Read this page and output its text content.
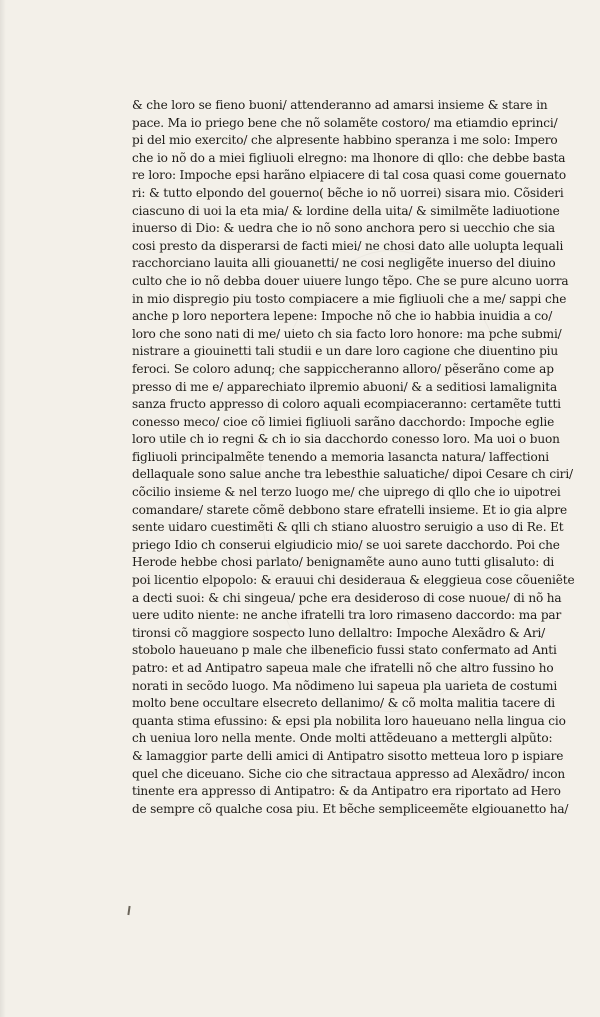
& che loro se fieno buoni/ attenderanno ad amarsi insieme & stare in
pace. Ma io priego bene che nõ solamẽte costoro/ ma etiamdio eprinci/
pi del mio exercito/ che alpresente habbino speranza i me solo: Impero
che io nõ do a miei figliuoli elregno: ma lhonore di qllo: che debbe basta
re loro: Impoche epsi harãno elpiacere di tal cosa quasi come gouernato
ri: & tutto elpondo del gouerno( bẽche io nõ uorrei) sisara mio. Cõsideri
ciascuno di uoi la eta mia/ & lordine della uita/ & similmẽte ladiuotione
inuerso di Dio: & uedra che io nõ sono anchora pero si uecchio che sia
cosi presto da disperarsi de facti miei/ ne chosi dato alle uolupta lequali
racchorciano lauita alli giouanetti/ ne cosi negligẽte inuerso del diuino
culto che io nõ debba douer uiuere lungo tẽpo. Che se pure alcuno uorra
in mio dispregio piu tosto compiacere a mie figliuoli che a me/ sappi che
anche p loro neportera lepene: Impoche nõ che io habbia inuidia a co/
loro che sono nati di me/ uieto ch sia facto loro honore: ma pche submi/
nistrare a giouinetti tali studii e un dare loro cagione che diuentino piu
feroci. Se coloro adunq; che sappiccheranno alloro/ pẽserãno come ap
presso di me e/ apparechiato ilpremio abuoni/ & a seditiosi lamalignita
sanza fructo appresso di coloro aquali ecompiaceranno: certamẽte tutti
conesso meco/ cioe cõ limiei figliuoli sarãno dacchordo: Impoche eglie
loro utile ch io regni & ch io sia dacchordo conesso loro. Ma uoi o buon
figliuoli principalmẽte tenendo a memoria lasancta natura/ laffectioni
dellaquale sono salue anche tra lebesthie saluatiche/ dipoi Cesare ch ciri/
cõcilio insieme & nel terzo luogo me/ che uiprego di qllo che io uipotrei
comandare/ starete cõmẽ debbono stare efratelli insieme. Et io gia alpre
sente uidaro cuestimẽti & qlli ch stiano aluostro seruigio a uso di Re. Et
priego Idio ch conserui elgiudicio mio/ se uoi sarete dacchordo. Poi che
Herode hebbe chosi parlato/ benignamẽte auno auno tutti glisaluto: di
poi licentio elpopolo: & erauui chi desideraua & eleggieua cose cõueniẽte
a decti suoi: & chi singeua/ pche era desideroso di cose nuoue/ di nõ ha
uere udito niente: ne anche ifratelli tra loro rimaseno daccordo: ma par
tironsi cõ maggiore sospecto luno dellaltro: Impoche Alexãdro & Ari/
stobolo haueuano p male che ilbeneficio fussi stato confermato ad Anti
patro: et ad Antipatro sapeua male che ifratelli nõ che altro fussino ho
norati in secõdo luogo. Ma nõdimeno lui sapeua pla uarieta de costumi
molto bene occultare elsecreto dellanimo/ & cõ molta malitia tacere di
quanta stima efussino: & epsi pla nobilita loro haueuano nella lingua cio
ch ueniua loro nella mente. Onde molti attẽdeuano a mettergli alpũto:
& lamaggior parte delli amici di Antipatro sisotto metteua loro p ispiare
quel che diceuano. Siche cio che sitractaua appresso ad Alexãdro/ incon
tinente era appresso di Antipatro: & da Antipatro era riportato ad Hero
de sempre cõ qualche cosa piu. Et bẽche sempliceemẽte elgiouanetto ha/
